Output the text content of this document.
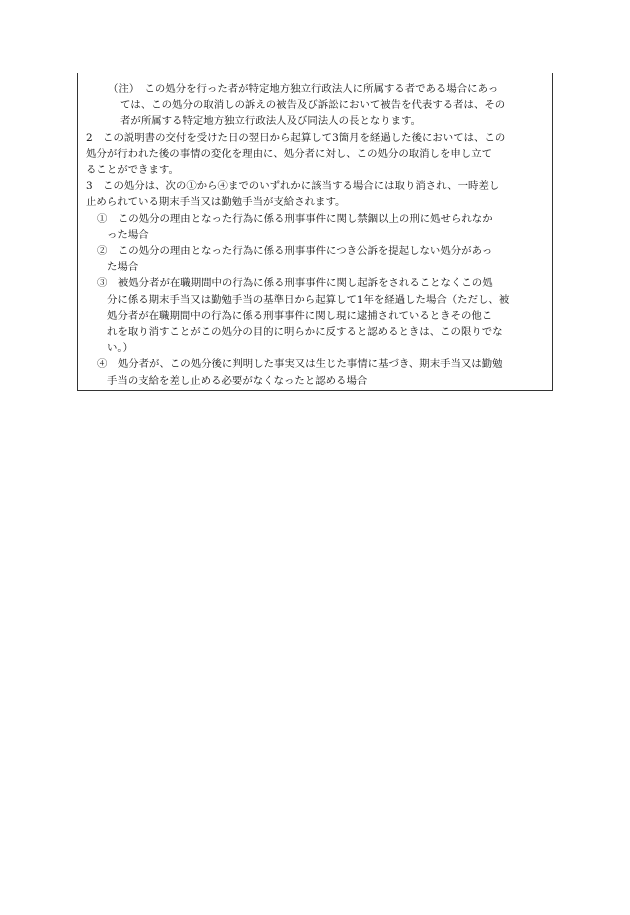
（注）　この処分を行った者が特定地方独立行政法人に所属する者である場合にあっ
ては、この処分の取消しの訴えの被告及び訴訟において被告を代表する者は、その
者が所属する特定地方独立行政法人及び同法人の長となります。
2　この説明書の交付を受けた日の翌日から起算して3箇月を経過した後においては、この
処分が行われた後の事情の変化を理由に、処分者に対し、この処分の取消しを申し立て
ることができます。
3　この処分は、次の①から④までのいずれかに該当する場合には取り消され、一時差し
止められている期末手当又は勤勉手当が支給されます。
①　この処分の理由となった行為に係る刑事事件に関し禁錮以上の刑に処せられなか
った場合
②　この処分の理由となった行為に係る刑事事件につき公訴を提起しない処分があっ
た場合
③　被処分者が在職期間中の行為に係る刑事事件に関し起訴をされることなくこの処
分に係る期末手当又は勤勉手当の基準日から起算して1年を経過した場合（ただし、被
処分者が在職期間中の行為に係る刑事事件に関し現に逮捕されているときその他こ
れを取り消すことがこの処分の目的に明らかに反すると認めるときは、この限りでな
い。）
④　処分者が、この処分後に判明した事実又は生じた事情に基づき、期末手当又は勤勉
手当の支給を差し止める必要がなくなったと認める場合
